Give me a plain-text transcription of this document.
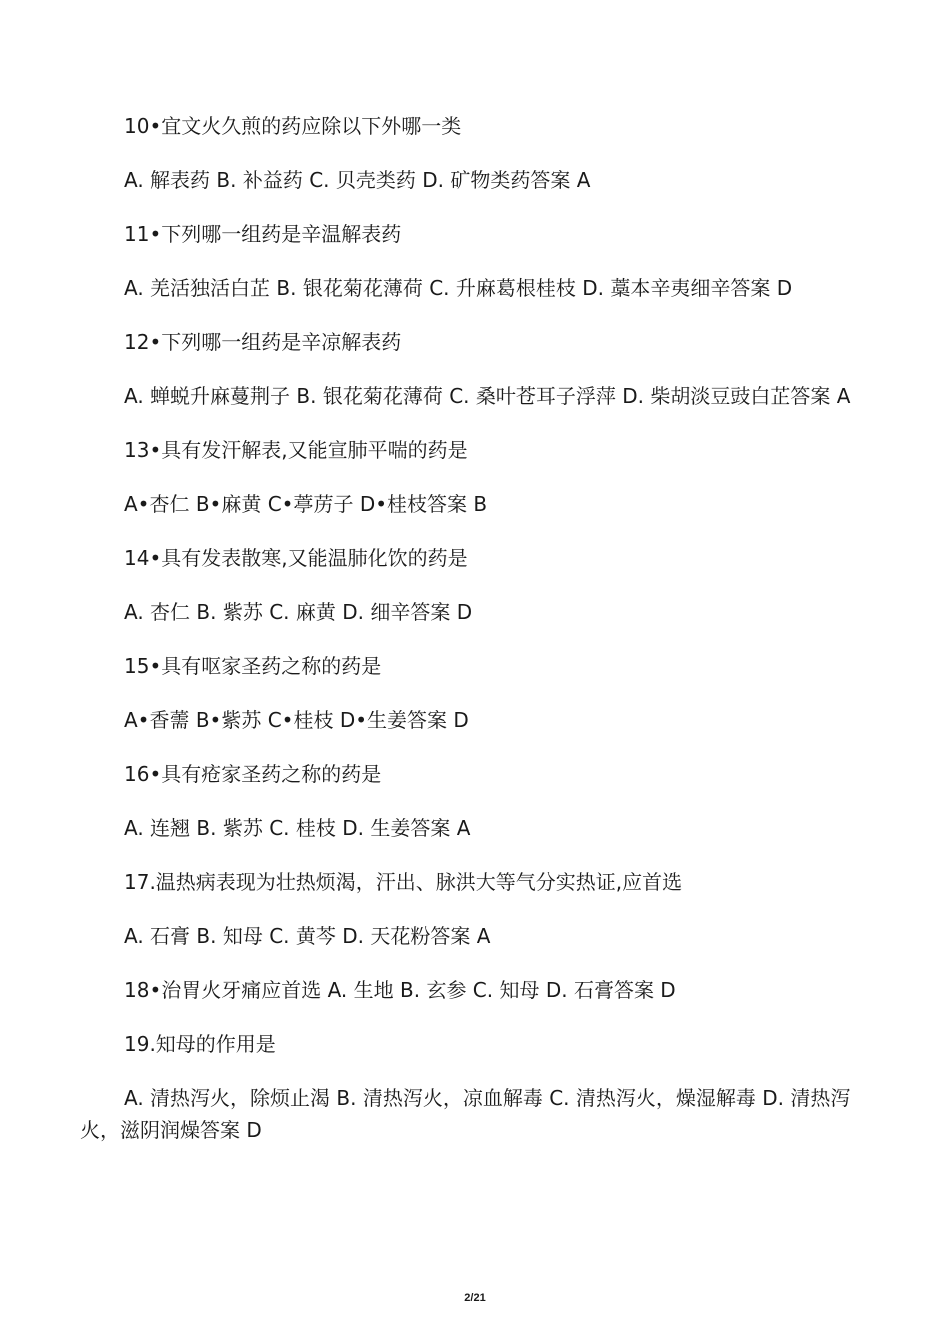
10•宜文火久煎的药应除以下外哪一类

A. 解表药 B. 补益药 C. 贝壳类药 D. 矿物类药答案 A

11•下列哪一组药是辛温解表药

A. 羌活独活白芷 B. 银花菊花薄荷 C. 升麻葛根桂枝 D. 藁本辛夷细辛答案 D

12•下列哪一组药是辛凉解表药

A. 蝉蜕升麻蔓荆子 B. 银花菊花薄荷 C. 桑叶苍耳子浮萍 D. 柴胡淡豆豉白芷答案 A

13•具有发汗解表,又能宣肺平喘的药是

A•杏仁 B•麻黄 C•葶苈子 D•桂枝答案 B

14•具有发表散寒,又能温肺化饮的药是

A. 杏仁 B. 紫苏 C. 麻黄 D. 细辛答案 D

15•具有呕家圣药之称的药是

A•香薷 B•紫苏 C•桂枝 D•生姜答案 D

16•具有疮家圣药之称的药是

A. 连翘 B. 紫苏 C. 桂枝 D. 生姜答案 A

17.温热病表现为壮热烦渴，汗出、脉洪大等气分实热证,应首选

A. 石膏 B. 知母 C. 黄芩 D. 天花粉答案 A

18•治胃火牙痛应首选 A. 生地 B. 玄参 C. 知母 D. 石膏答案 D

19.知母的作用是

A. 清热泻火，除烦止渴 B. 清热泻火，凉血解毒 C. 清热泻火，燥湿解毒 D. 清热泻火，滋阴润燥答案 D

2/21
